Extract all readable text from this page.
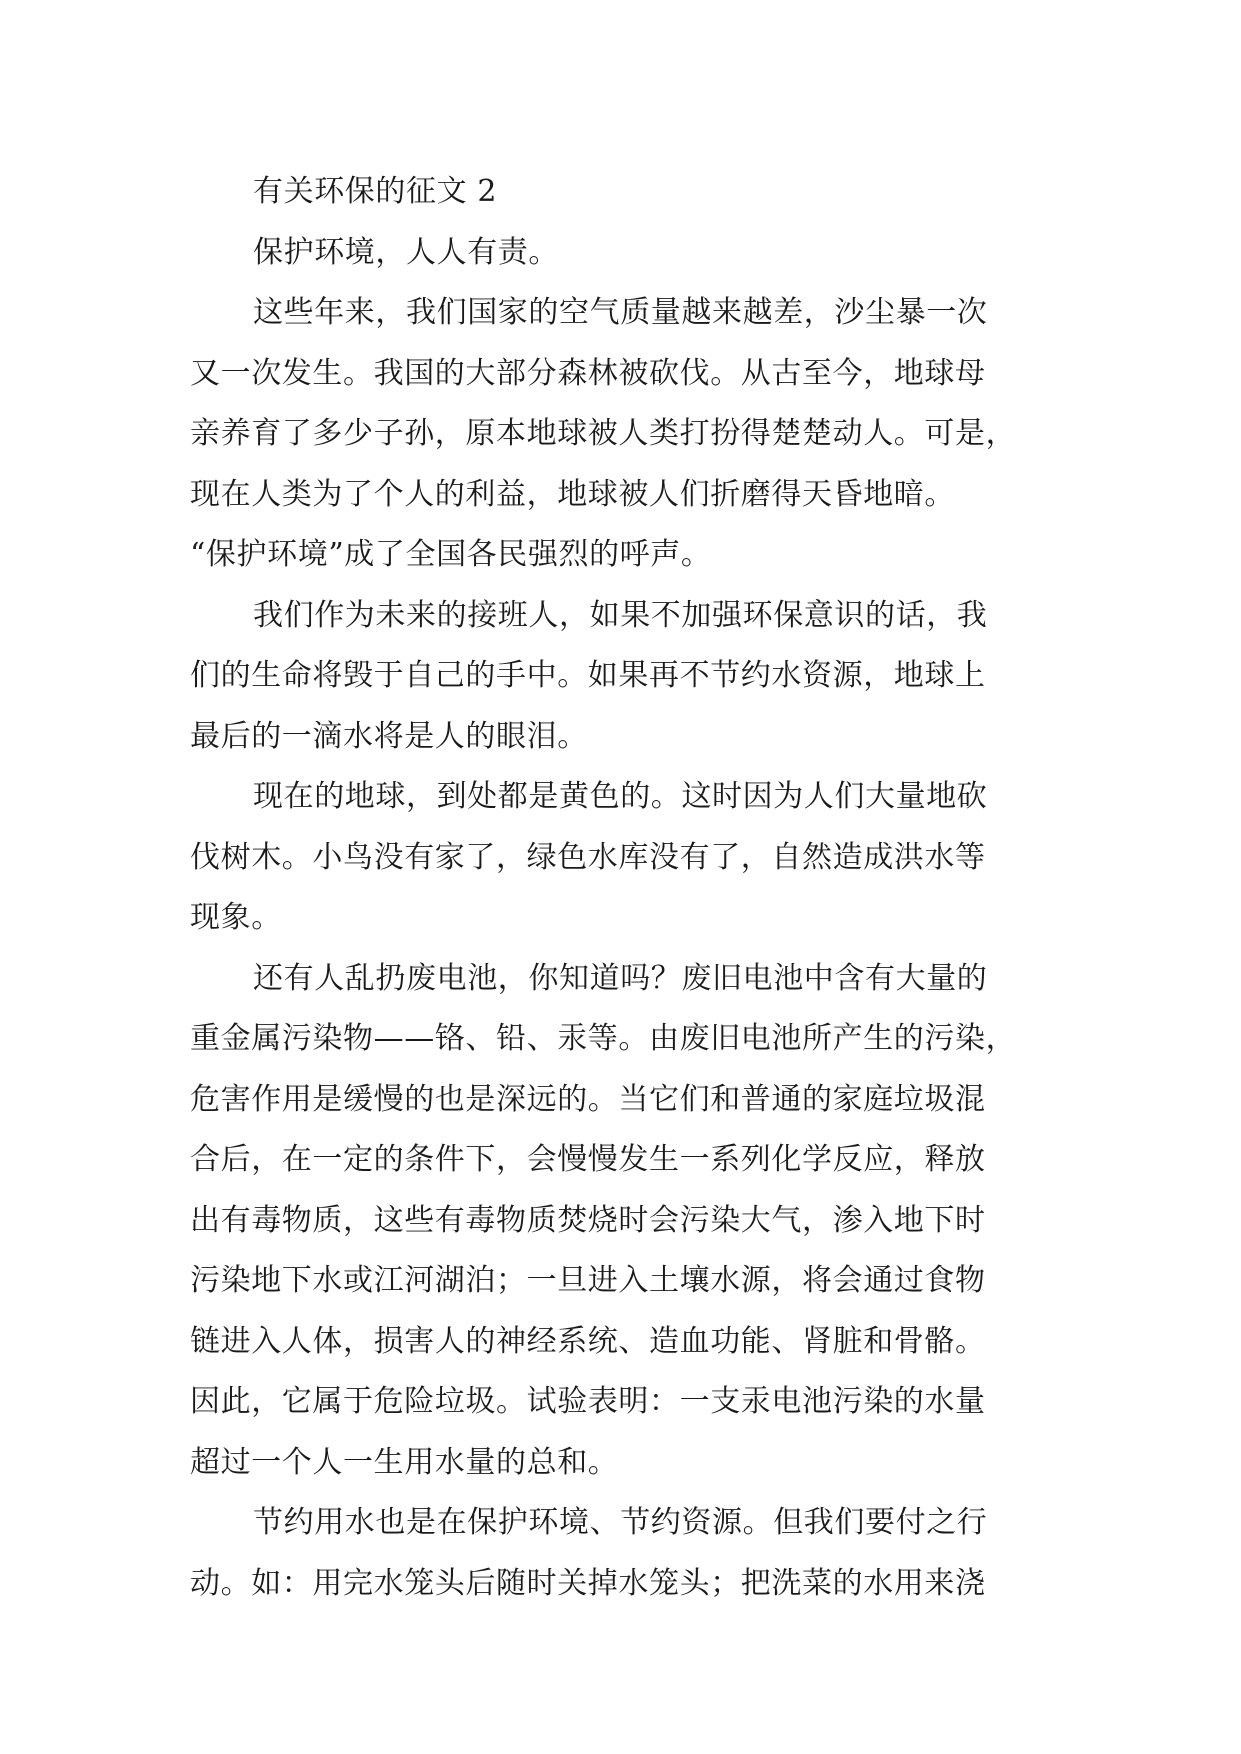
有关环保的征文 2
保护环境，人人有责。
这些年来，我们国家的空气质量越来越差，沙尘暴一次
又一次发生。我国的大部分森林被砍伐。从古至今，地球母
亲养育了多少子孙，原本地球被人类打扮得楚楚动人。可是，
现在人类为了个人的利益，地球被人们折磨得天昏地暗。
“保护环境”成了全国各民强烈的呼声。
我们作为未来的接班人，如果不加强环保意识的话，我
们的生命将毁于自己的手中。如果再不节约水资源，地球上
最后的一滴水将是人的眼泪。
现在的地球，到处都是黄色的。这时因为人们大量地砍
伐树木。小鸟没有家了，绿色水库没有了，自然造成洪水等
现象。
还有人乱扔废电池，你知道吗？废旧电池中含有大量的
重金属污染物——铬、铅、汞等。由废旧电池所产生的污染，
危害作用是缓慢的也是深远的。当它们和普通的家庭垃圾混
合后，在一定的条件下，会慢慢发生一系列化学反应，释放
出有毒物质，这些有毒物质焚烧时会污染大气，渗入地下时
污染地下水或江河湖泊；一旦进入土壤水源，将会通过食物
链进入人体，损害人的神经系统、造血功能、肾脏和骨骼。
因此，它属于危险垃圾。试验表明：一支汞电池污染的水量
超过一个人一生用水量的总和。
节约用水也是在保护环境、节约资源。但我们要付之行
动。如：用完水笼头后随时关掉水笼头；把洗菜的水用来浇
